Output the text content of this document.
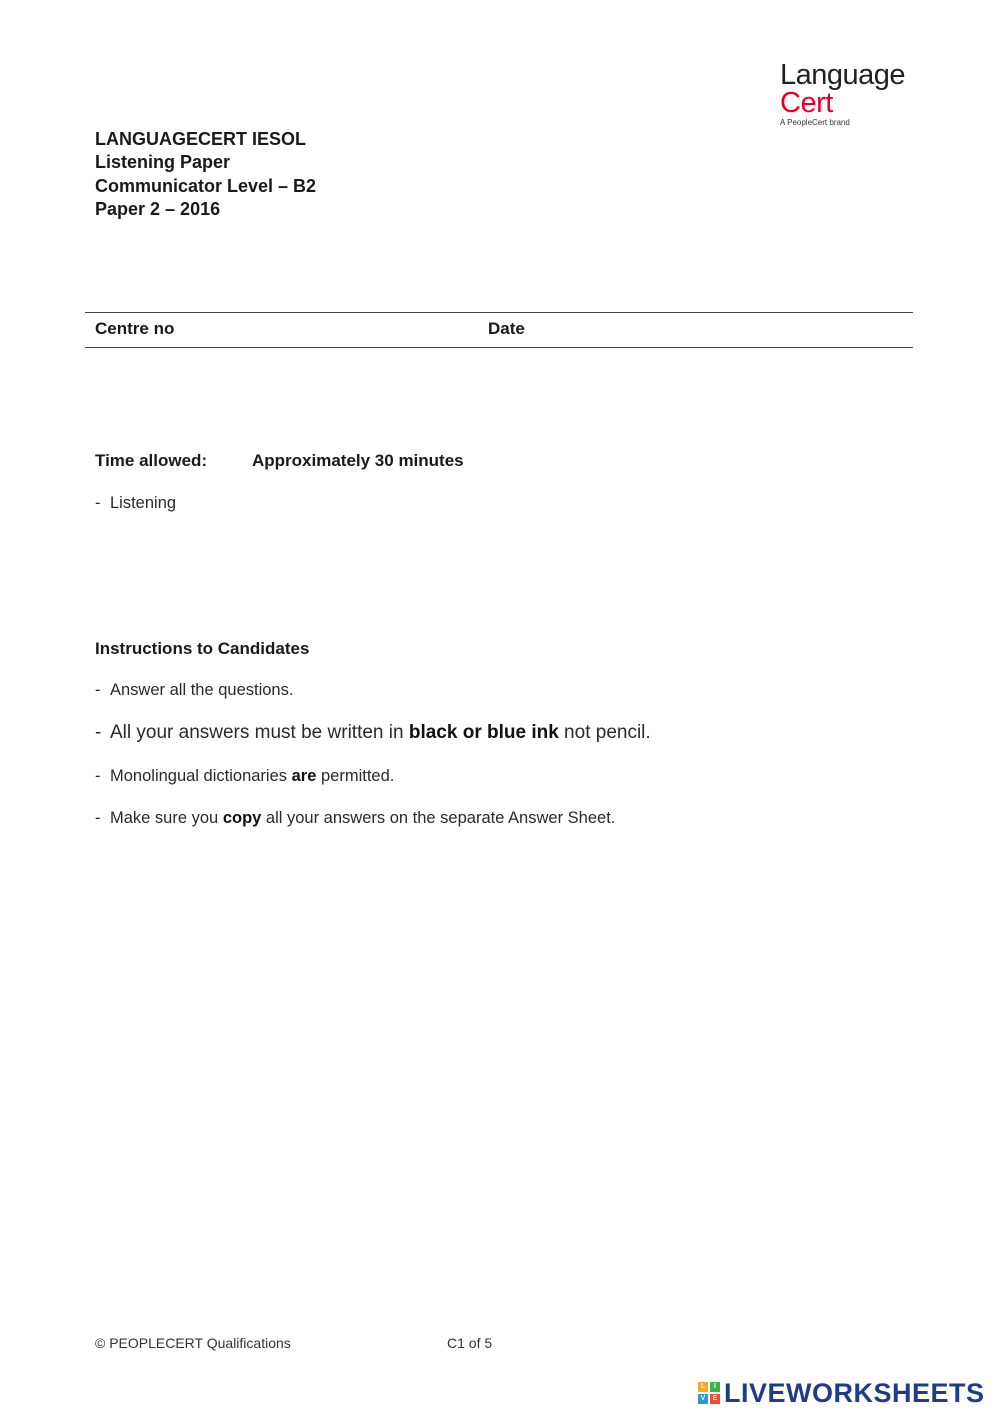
Language
Cert
A PeopleCert brand
LANGUAGECERT IESOL
Listening Paper
Communicator Level – B2
Paper 2 – 2016
Centre no	Date
Time allowed:	Approximately 30 minutes
- Listening
Instructions to Candidates
- Answer all the questions.
- All your answers must be written in black or blue ink not pencil.
- Monolingual dictionaries are permitted.
- Make sure you copy all your answers on the separate Answer Sheet.
© PEOPLECERT Qualifications	C1 of 5
L	I
V	E LIVEWORKSHEETS
